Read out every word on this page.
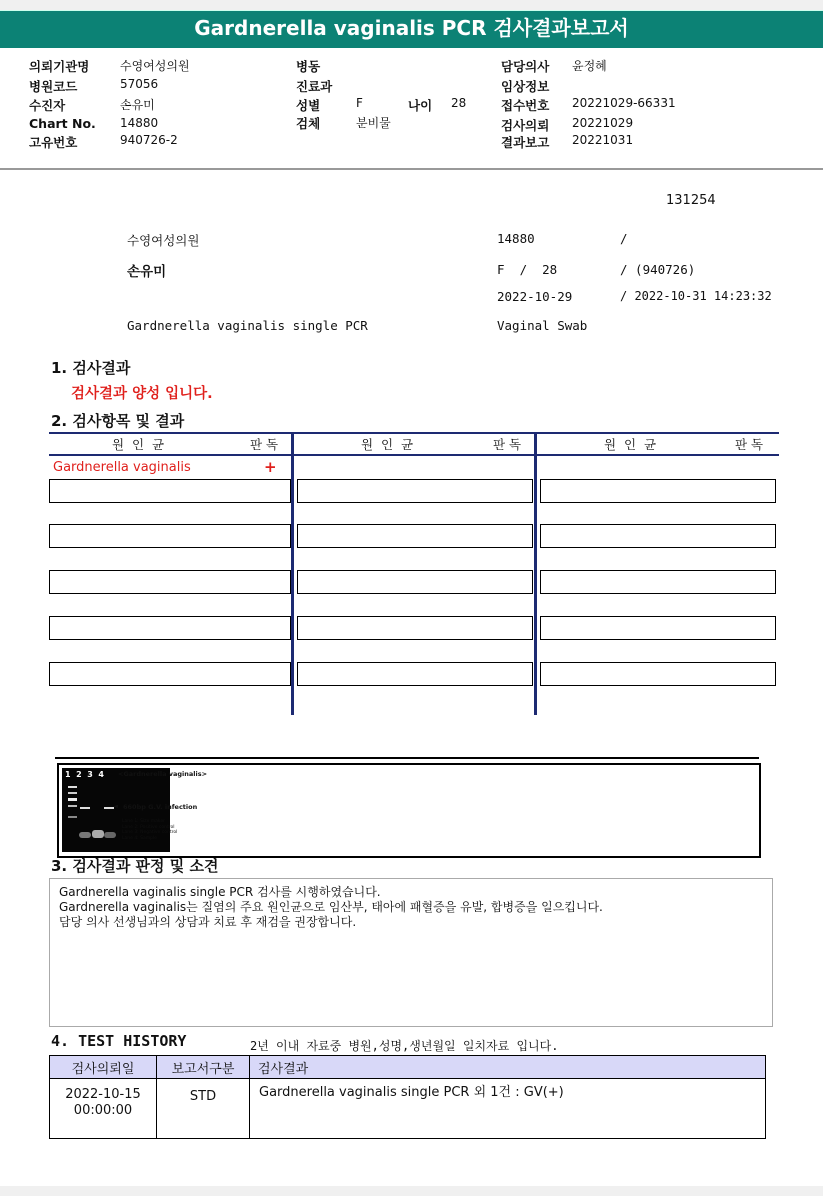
Gardnerella vaginalis PCR 검사결과보고서
의뢰기관명	수영여성의원
병원코드	57056
수진자	손유미
Chart No. 14880
고유번호	940726-2
병동
진료과
성별	F	나이 28
검체	분비물
담당의사 윤정혜
임상정보
접수번호 20221029-66331
검사의뢰 20221029
결과보고 20221031
131254
수영여성의원	14880	/
손유미	F  /  28	/ (940726)
2022-10-29	/ 2022-10-31 14:23:32
Gardnerella vaginalis single PCR	Vaginal Swab
1. 검사결과
검사결과 양성 입니다.
2. 검사항목 및 결과
원  인  균	판 독	원  인  균	판 독	원  인  균	판 독
Gardnerella vaginalis	+
1  2  3  4 <Gardnerella vaginalis>
◄ 660bp G.V. infection
Lane 1: Size maker
Lane 2: Positive control
Lane 3: Negative control
Lane 4: Sample
3. 검사결과 판정 및 소견
Gardnerella vaginalis single PCR 검사를 시행하였습니다.
Gardnerella vaginalis는 질염의 주요 원인균으로 임산부, 태아에 패혈증을 유발, 합병증을 일으킵니다.
담당 의사 선생님과의 상담과 치료 후 재검을 권장합니다.
4. TEST HISTORY	2년 이내 자료중 병원,성명,생년월일 일치자료 입니다.
검사의뢰일	보고서구분	검사결과

2022-10-15
00:00:00	STD	Gardnerella vaginalis single PCR 외 1건 : GV(+)
